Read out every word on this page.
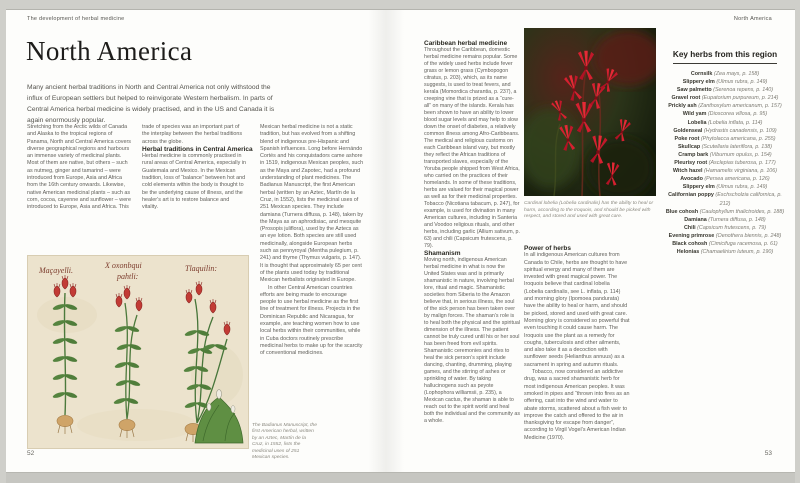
The development of herbal medicine	North America
North America
Many ancient herbal traditions in North and Central America not only withstood the influx of European settlers but helped to reinvigorate Western herbalism. In parts of Central America herbal medicine is widely practised, and in the US and Canada it is again enormously popular.

Stretching from the Arctic wilds of Canada and Alaska to the tropical regions of Panama, North and Central America covers diverse geographical regions and harbours an immense variety of medicinal plants. Most of them are native, but others – such as nutmeg, ginger and tamarind – were introduced from Europe, Asia and Africa from the 16th century onwards. Likewise, native American medicinal plants – such as corn, cocoa, cayenne and sunflower – were introduced to Europe, Asia and Africa. This

trade of species was an important part of the interplay between the herbal traditions across the globe.

Herbal traditions in Central America

Herbal medicine is commonly practised in rural areas of Central America, especially in Guatemala and Mexico. In the Mexican tradition, loss of “balance” between hot and cold elements within the body is thought to be the underlying cause of illness, and the healer’s art is to restore balance and vitality.

Mexican herbal medicine is not a static tradition, but has evolved from a shifting blend of indigenous pre-Hispanic and Spanish influences. Long before Hernándo Cortés and his conquistadors came ashore in 1519, indigenous Mexican peoples, such as the Maya and Zapotec, had a profound understanding of plant medicines. The Badianus Manuscript, the first American herbal (written by an Aztec, Martín de la Cruz, in 1552), lists the medicinal uses of 251 Mexican species. They include damiana (Turnera diffusa, p. 148), taken by the Maya as an aphrodisiac, and mesquite (Prosopis juliflora), used by the Aztecs as an eye lotion. Both species are still used medicinally, alongside European herbs such as pennyroyal (Mentha pulegium, p. 241) and thyme (Thymus vulgaris, p. 147). It is thought that approximately 65 per cent of the plants used today by traditional Mexican herbalists originated in Europe.

In other Central American countries efforts are being made to encourage people to use herbal medicine as the first line of treatment for illness. Projects in the Dominican Republic and Nicaragua, for example, are teaching women how to use local herbs within their communities, while in Cuba doctors routinely prescribe medicinal herbs to make up for the scarcity of conventional medicines.

Maçayelli.
X oxonbqui
pahtli:
Tlaquilin:
The Badianus Manuscript, the first American herbal, written by an Aztec, Martín de la Cruz, in 1552, lists the medicinal uses of 251 Mexican species.
52

Caribbean herbal medicine

Throughout the Caribbean, domestic herbal medicine remains popular. Some of the widely used herbs include fever grass or lemon grass (Cymbopogon citratus, p. 203), which, as its name suggests, is used to treat fevers, and kerala (Momordica charantia, p. 237), a creeping vine that is prized as a “cure-all” on many of the islands. Kerala has been shown to have an ability to lower blood sugar levels and may help to slow down the onset of diabetes, a relatively common illness among Afro-Caribbeans. The medical and religious customs on each Caribbean island vary, but mostly they reflect the African traditions of transported slaves, especially of the Yoruba people shipped from West Africa, who carried on the practices of their homelands. In some of these traditions, herbs are valued for their magical power as well as for their medicinal properties. Tobacco (Nicotiana tabacum, p. 247), for example, is used for divination in many American cultures, including in Santeria and Voodoo religious rituals, and other herbs, including garlic (Allium sativum, p. 63) and chili (Capsicum frutescens, p. 79).

Shamanism

Moving north, indigenous American herbal medicine in what is now the United States was and is primarily shamanistic in nature, involving herbal lore, ritual and magic. Shamanistic societies from Siberia to the Amazon believe that, in serious illness, the soul of the sick person has been taken over by malign forces. The shaman’s role is to heal both the physical and the spiritual dimension of the illness. The patient cannot be truly cured until his or her soul has been freed from evil spirits. Shamanistic ceremonies and rites to heal the sick person’s spirit include dancing, chanting, drumming, playing games, and the stirring of ashes or sprinkling of water. By taking hallucinogens such as peyote (Lophophora williamsii, p. 235), a Mexican cactus, the shaman is able to reach out to the spirit world and heal both the individual and the community as a whole.

Cardinal lobelia (Lobelia cardinalis) has the ability to heal or harm, according to the Iroquois, and should be picked with respect, and stored and used with great care.

Power of herbs

In all indigenous American cultures from Canada to Chile, herbs are thought to have spiritual energy and many of them are invested with great magical power. The Iroquois believe that cardinal lobelia (Lobelia cardinalis, see L. inflata, p. 114) and morning glory (Ipomoea pandurata) have the ability to heal or harm, and should be picked, stored and used with great care. Morning glory is considered so powerful that even touching it could cause harm. The Iroquois use the plant as a remedy for coughs, tuberculosis and other ailments, and also take it as a decoction with sunflower seeds (Helianthus annuus) as a sacrament in spring and autumn rituals.

Tobacco, now considered an addictive drug, was a sacred shamanistic herb for most indigenous American peoples. It was smoked in pipes and “thrown into fires as an offering, cast into the wind and water to abate storms, scattered about a fish weir to improve the catch and offered to the air in thanksgiving for escape from danger”, according to Virgil Vogel’s American Indian Medicine (1970).

Key herbs from this region
Cornsilk (Zea mays, p. 158)
Slippery elm (Ulmus rubra, p. 149)
Saw palmetto (Serenoa repens, p. 140)
Gravel root (Eupatorium purpureum, p. 214)
Prickly ash (Zanthoxylum americanum, p. 157)
Wild yam (Dioscorea villosa, p. 95)
Lobelia (Lobelia inflata, p. 114)
Goldenseal (Hydrastis canadensis, p. 109)
Poke root (Phytolacca americana, p. 255)
Skullcap (Scutellaria lateriflora, p. 138)
Cramp bark (Viburnum opulus, p. 154)
Pleurisy root (Asclepias tuberosa, p. 177)
Witch hazel (Hamamelis virginiana, p. 106)
Avocado (Persea americana, p. 126)
Slippery elm (Ulmus rubra, p. 149)
Californian poppy (Eschscholzia californica, p. 212)
Blue cohosh (Caulophyllum thalictroides, p. 188)
Damiana (Turnera diffusa, p. 148)
Chili (Capsicum frutescens, p. 79)
Evening primrose (Oenothera biennis, p. 248)
Black cohosh (Cimicifuga racemosa, p. 61)
Helonias (Chamaelirium luteum, p. 190)
53
